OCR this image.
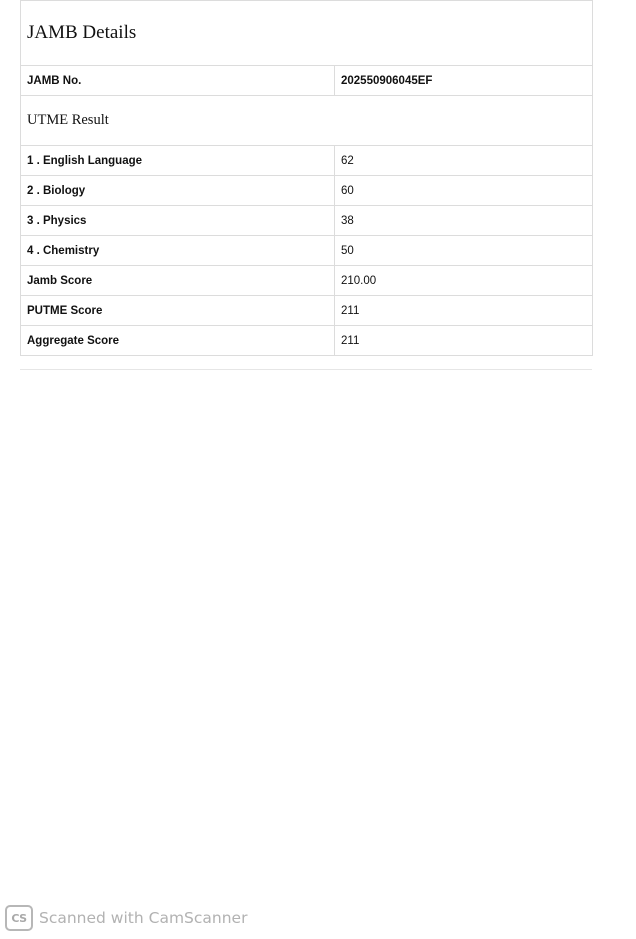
JAMB Details	
JAMB No.	202550906045EF
UTME Result	
1 . English Language	62
2 . Biology	60
3 . Physics	38
4 . Chemistry	50
Jamb Score	210.00
PUTME Score	211
Aggregate Score	211
CS Scanned with CamScanner
